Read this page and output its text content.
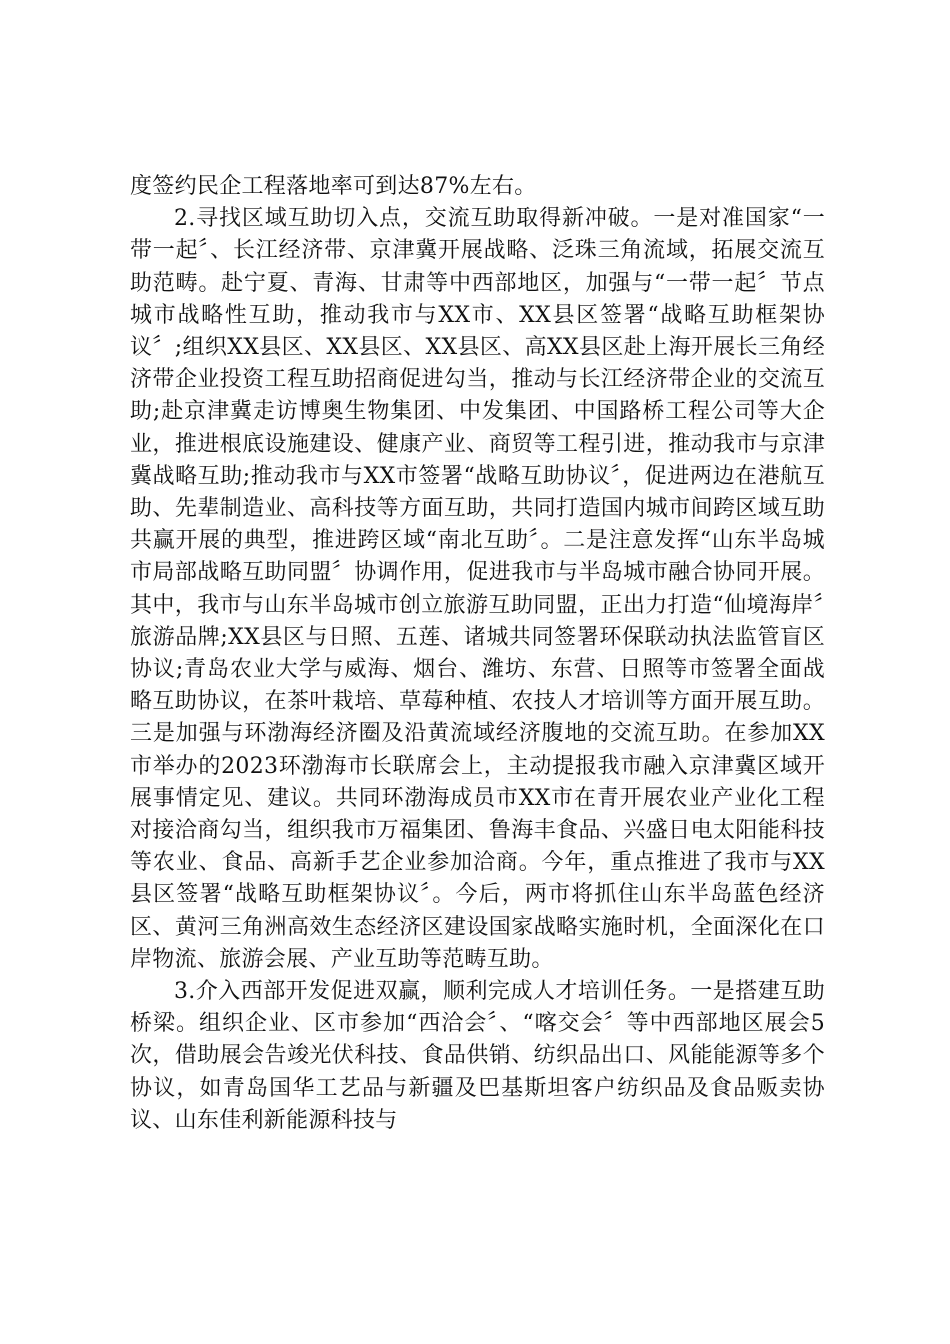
度签约民企工程落地率可到达87%左右。

2.寻找区域互助切入点，交流互助取得新冲破。一是对准国家“一带一起〞、长江经济带、京津冀开展战略、泛珠三角流域，拓展交流互助范畴。赴宁夏、青海、甘肃等中西部地区，加强与“一带一起〞节点城市战略性互助，推动我市与XX市、XX县区签署“战略互助框架协议〞;组织XX县区、XX县区、XX县区、高XX县区赴上海开展长三角经济带企业投资工程互助招商促进勾当，推动与长江经济带企业的交流互助;赴京津冀走访博奥生物集团、中发集团、中国路桥工程公司等大企业，推进根底设施建设、健康产业、商贸等工程引进，推动我市与京津冀战略互助;推动我市与XX市签署“战略互助协议〞，促进两边在港航互助、先辈制造业、高科技等方面互助，共同打造国内城市间跨区域互助共赢开展的典型，推进跨区域“南北互助〞。二是注意发挥“山东半岛城市局部战略互助同盟〞协调作用，促进我市与半岛城市融合协同开展。其中，我市与山东半岛城市创立旅游互助同盟，正出力打造“仙境海岸〞旅游品牌;XX县区与日照、五莲、诸城共同签署环保联动执法监管盲区协议;青岛农业大学与威海、烟台、潍坊、东营、日照等市签署全面战略互助协议，在茶叶栽培、草莓种植、农技人才培训等方面开展互助。三是加强与环渤海经济圈及沿黄流域经济腹地的交流互助。在参加XX市举办的2023环渤海市长联席会上，主动提报我市融入京津冀区域开展事情定见、建议。共同环渤海成员市XX市在青开展农业产业化工程对接洽商勾当，组织我市万福集团、鲁海丰食品、兴盛日电太阳能科技等农业、食品、高新手艺企业参加洽商。今年，重点推进了我市与XX县区签署“战略互助框架协议〞。今后，两市将抓住山东半岛蓝色经济区、黄河三角洲高效生态经济区建设国家战略实施时机，全面深化在口岸物流、旅游会展、产业互助等范畴互助。

3.介入西部开发促进双赢，顺利完成人才培训任务。一是搭建互助桥梁。组织企业、区市参加“西洽会〞、“喀交会〞等中西部地区展会5次，借助展会告竣光伏科技、食品供销、纺织品出口、风能能源等多个协议，如青岛国华工艺品与新疆及巴基斯坦客户纺织品及食品贩卖协议、山东佳利新能源科技与
